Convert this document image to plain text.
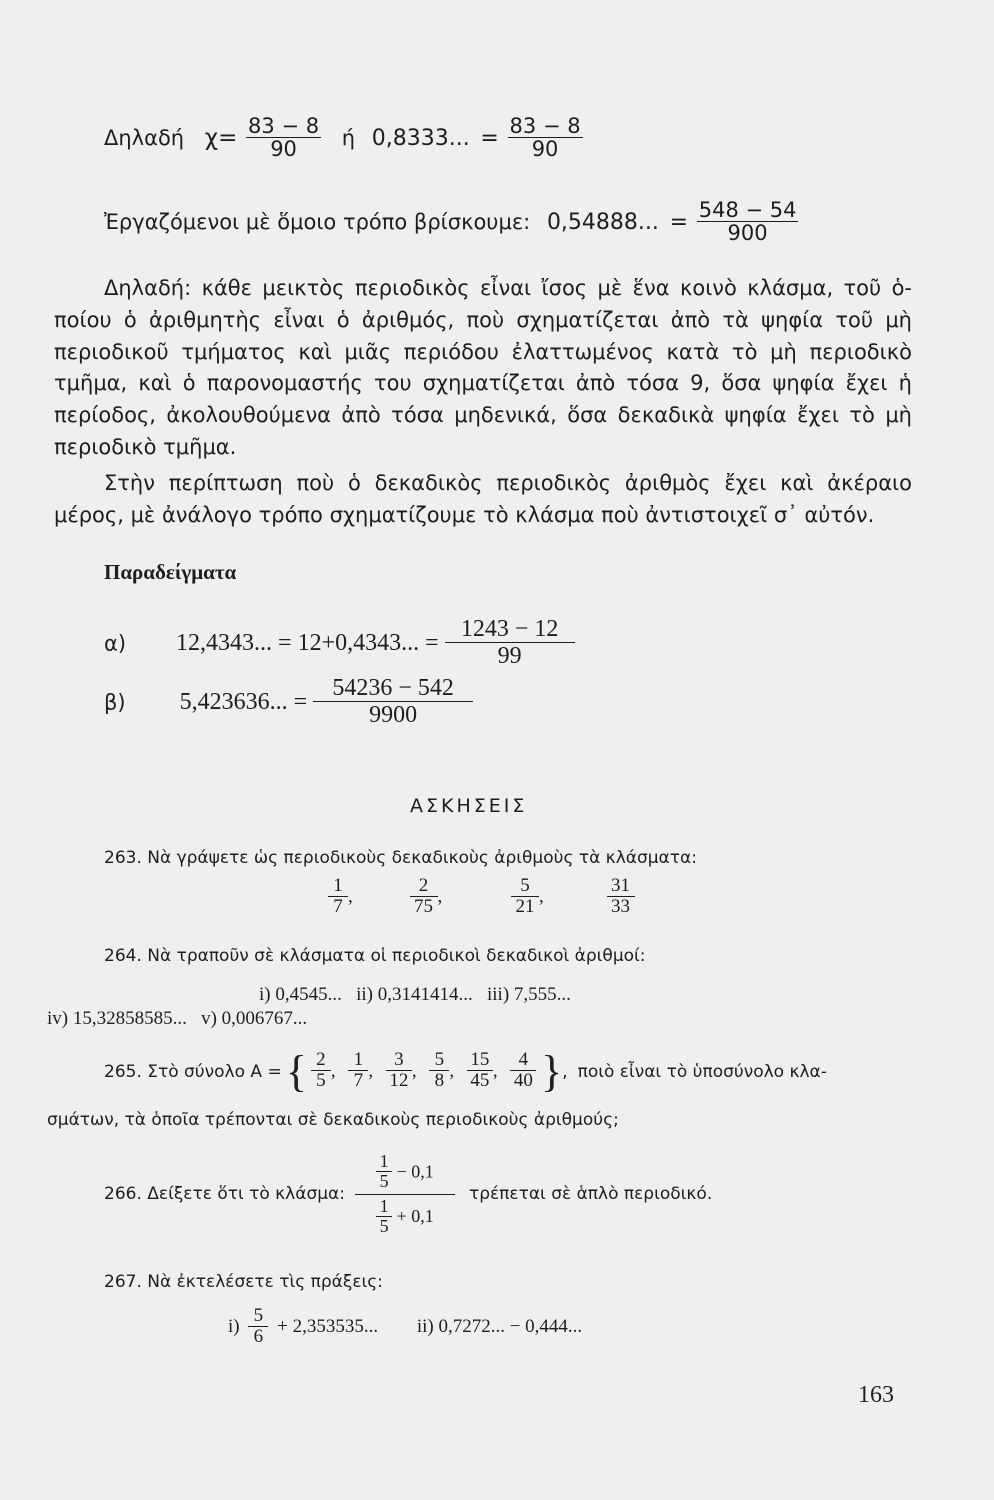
Δηλαδή $\chi= \frac{83 - 8}{90}$ ή 0,8333... = $\frac{83 - 8}{90}$
Ἐργαζόμενοι μὲ ὅμοιο τρόπο βρίσκουμε: 0,54888... = $\frac{548 - 54}{900}$
Δηλαδή: κάθε μεικτὸς περιοδικὸς εἶναι ἴσος μὲ ἕνα κοινὸ κλάσμα, τοῦ ὁ-ποίου ὁ ἀριθμητὴς εἶναι ὁ ἀριθμός, ποὺ σχηματίζεται ἀπὸ τὰ ψηφία τοῦ μὴ περιοδικοῦ τμήματος καὶ μιᾶς περιόδου ἐλαττωμένος κατὰ τὸ μὴ περιοδικὸ τμῆμα, καὶ ὁ παρονομαστής του σχηματίζεται ἀπὸ τόσα 9, ὅσα ψηφία ἔχει ἡ περίοδος, ἀκολουθούμενα ἀπὸ τόσα μηδενικά, ὅσα δεκαδικὰ ψηφία ἔχει τὸ μὴ περιοδικὸ τμῆμα.
Στὴν περίπτωση ποὺ ὁ δεκαδικὸς περιοδικὸς ἀριθμὸς ἔχει καὶ ἀκέραιο μέρος, μὲ ἀνάλογο τρόπο σχηματίζουμε τὸ κλάσμα ποὺ ἀντιστοιχεῖ σ᾿ αὐτόν.
Παραδείγματα
α) 12,4343... = 12+0,4343... = $\frac{1243 - 12}{99}$
β) 5,423636... = $\frac{54236 - 542}{9900}$
ΑΣΚΗΣΕΙΣ
263. Νὰ γράψετε ὡς περιοδικοὺς δεκαδικοὺς ἀριθμοὺς τὰ κλάσματα:
$\frac{1}{7}$ ,	$\frac{2}{75}$ ,	$\frac{5}{21}$ ,	$\frac{31}{33}$
264. Νὰ τραποῦν σὲ κλάσματα οἱ περιοδικοὶ δεκαδικοὶ ἀριθμοί:
i) 0,4545...   ii) 0,3141414...   iii) 7,555...
iv) 15,32858585...   v) 0,006767...
265. Στὸ σύνολο Α = { $\frac{2}{5}$ , $\frac{1}{7}$ , $\frac{3}{12}$ , $\frac{5}{8}$ , $\frac{15}{45}$ , $\frac{4}{40}$ }, ποιὸ εἶναι τὸ ὑποσύνολο κλα-
σμάτων, τὰ ὁποῖα τρέπονται σὲ δεκαδικοὺς περιοδικοὺς ἀριθμούς;
266. Δείξετε ὅτι τὸ κλάσμα: $\frac{\frac{1}{5} - 0,1}{\frac{1}{5} + 0,1}$ τρέπεται σὲ ἁπλὸ περιοδικό.
267. Νὰ ἐκτελέσετε τὶς πράξεις:
$i) \frac{5}{6} + 2,353535$... ii) 0,7272... − 0,444...
163
